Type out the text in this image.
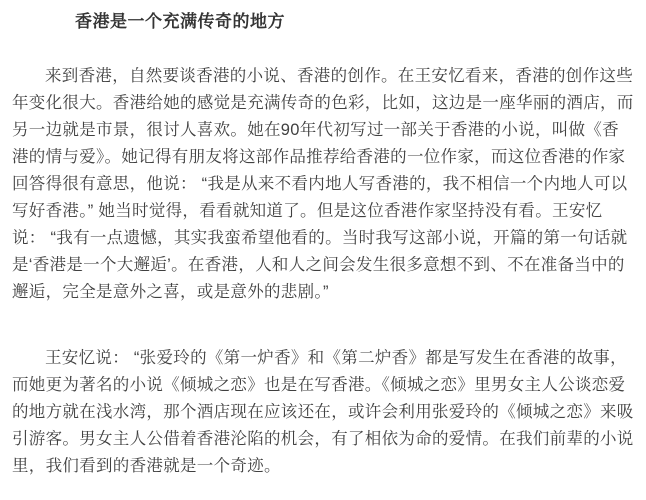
香港是一个充满传奇的地方

来到香港，自然要谈香港的小说、香港的创作。在王安忆看来，香港的创作这些年变化很大。香港给她的感觉是充满传奇的色彩，比如，这边是一座华丽的酒店，而另一边就是市景，很讨人喜欢。她在90年代初写过一部关于香港的小说，叫做《香港的情与爱》。她记得有朋友将这部作品推荐给香港的一位作家，而这位香港的作家回答得很有意思，他说： “我是从来不看内地人写香港的，我不相信一个内地人可以写好香港。” 她当时觉得，看看就知道了。但是这位香港作家坚持没有看。王安忆说： “我有一点遗憾，其实我蛮希望他看的。当时我写这部小说，开篇的第一句话就是‘香港是一个大邂逅’。在香港，人和人之间会发生很多意想不到、不在准备当中的邂逅，完全是意外之喜，或是意外的悲剧。”

王安忆说： “张爱玲的《第一炉香》和《第二炉香》都是写发生在香港的故事，而她更为著名的小说《倾城之恋》也是在写香港。《倾城之恋》里男女主人公谈恋爱的地方就在浅水湾，那个酒店现在应该还在，或许会利用张爱玲的《倾城之恋》来吸引游客。男女主人公借着香港沦陷的机会，有了相依为命的爱情。在我们前辈的小说里，我们看到的香港就是一个奇迹。
